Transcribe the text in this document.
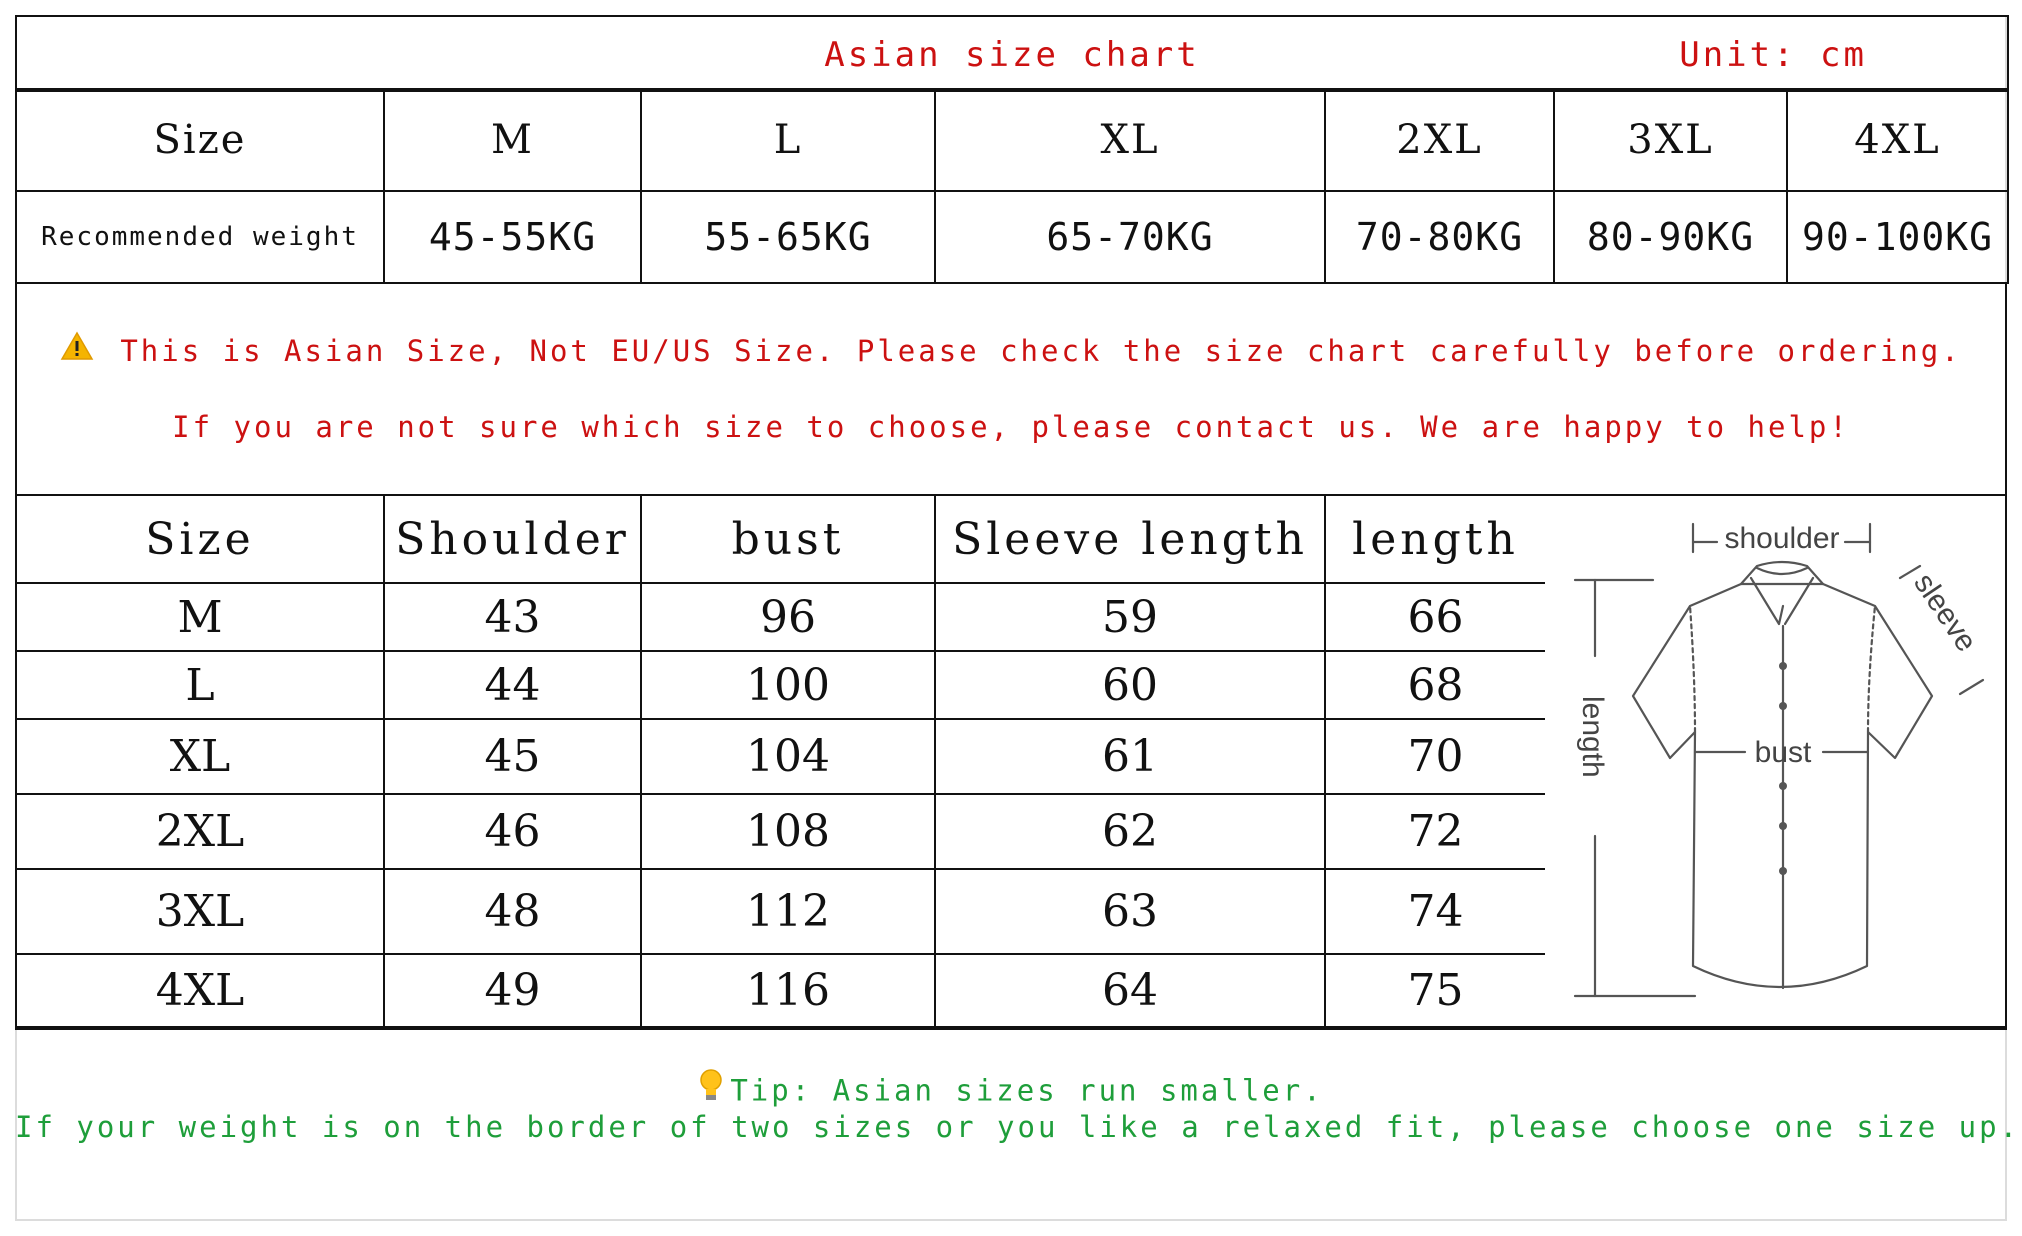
Asian size chart	Unit: cm
Size	M	L	XL	2XL	3XL	4XL
Recommended weight	45-55KG	55-65KG	65-70KG	70-80KG	80-90KG	90-100KG
This is Asian Size, Not EU/US Size. Please check the size chart carefully before ordering.
If you are not sure which size to choose, please contact us. We are happy to help!
Size	Shoulder	bust	Sleeve length	length
M	43	96	59	66
L	44	100	60	68
XL	45	104	61	70
2XL	46	108	62	72
3XL	48	112	63	74
4XL	49	116	64	75
shoulder
bust
sleeve
length
Tip: Asian sizes run smaller.
If your weight is on the border of two sizes or you like a relaxed fit, please choose one size up.
